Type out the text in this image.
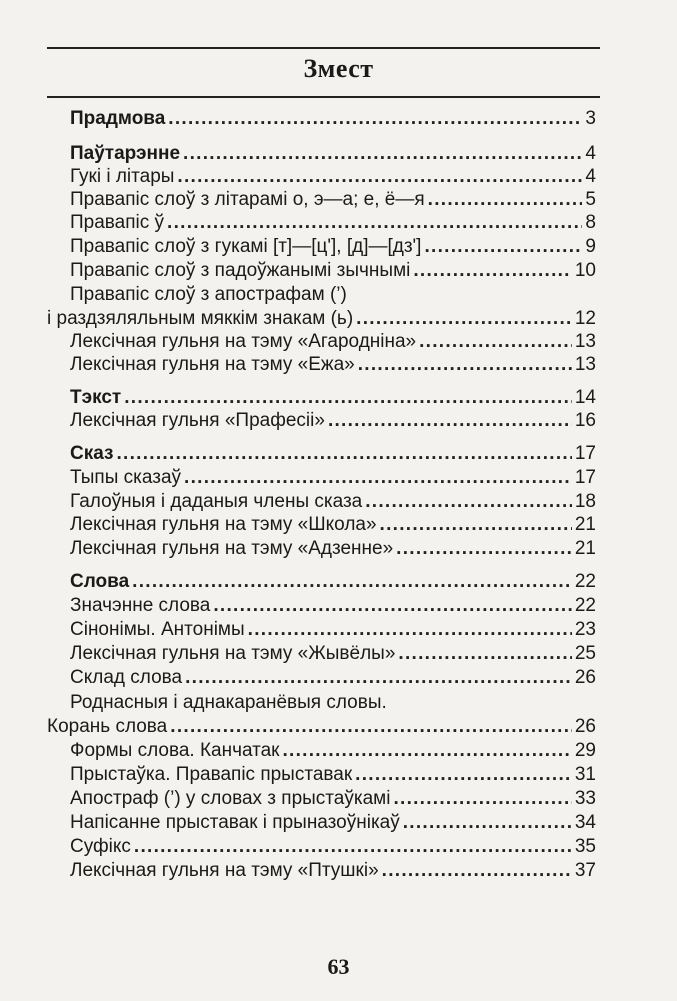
Змест
Прадмова . . .	3
Паўтарэнне . . .	4
Гукі і літары . . .	4
Правапіс слоў з літарамі о, э—а; е, ё—я . . .	5
Правапіс ў . . .	8
Правапіс слоў з гукамі [т]—[ц'], [д]—[дз'] . . .	9
Правапіс слоў з падоўжанымі зычнымі . . .	10
Правапіс слоў з апострафам (’)
і раздзяляльным мяккім знакам (ь) . . .	12
Лексічная гульня на тэму «Агароднiна» . . .	13
Лексічная гульня на тэму «Ежа» . . .	13
Тэкст . . .	14
Лексічная гульня «Прафесіі» . . .	16
Сказ . . .	17
Тыпы сказаў . . .	17
Галоўныя і даданыя члены сказа . . .	18
Лексічная гульня на тэму «Школа» . . .	21
Лексічная гульня на тэму «Адзенне» . . .	21
Слова . . .	22
Значэнне слова . . .	22
Сінонімы. Антонімы . . .	23
Лексічная гульня на тэму «Жывёлы» . . .	25
Склад слова . . .	26
Роднасныя і аднакаранёвыя словы.
Корань слова . . .	26
Формы слова. Канчатак . . .	29
Прыстаўка. Правапіс прыставак . . .	31
Апостраф (’) у словах з прыстаўкамі . . .	33
Напісанне прыставак і прыназоўнікаў . . .	34
Суфікс . . .	35
Лексічная гульня на тэму «Птушкі» . . .	37
63
